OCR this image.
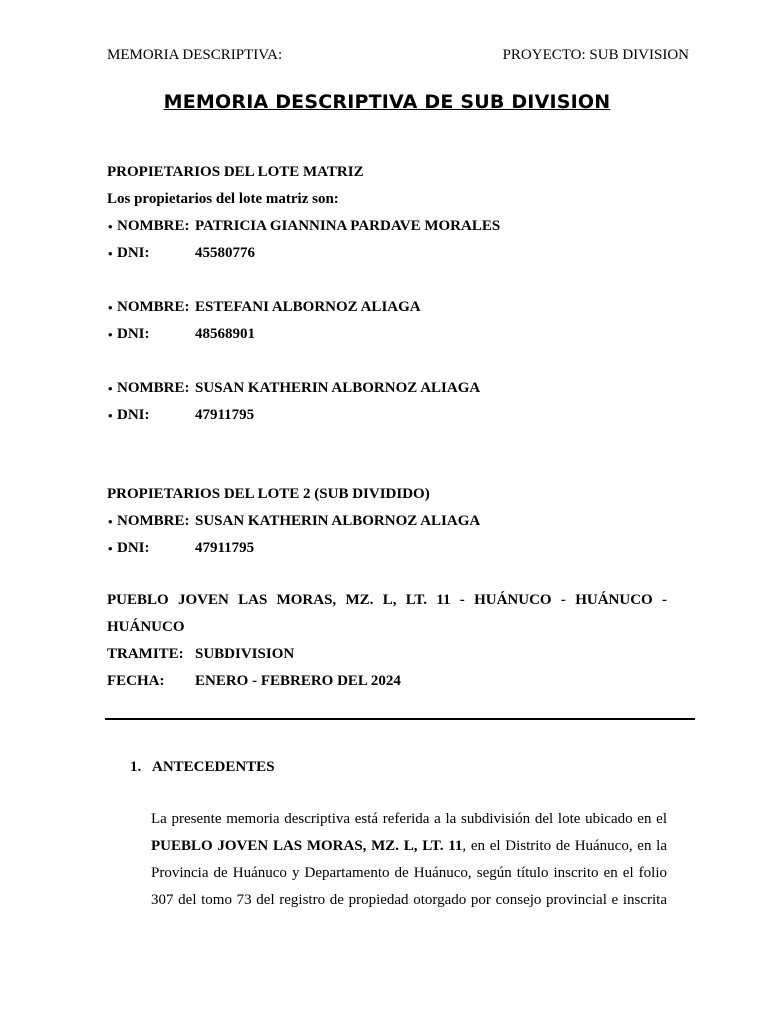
MEMORIA DESCRIPTIVA:	PROYECTO: SUB DIVISION
MEMORIA DESCRIPTIVA DE SUB DIVISION
PROPIETARIOS DEL LOTE MATRIZ
Los propietarios del lote matriz son:
• NOMBRE: PATRICIA GIANNINA PARDAVE MORALES
• DNI:	45580776
• NOMBRE: ESTEFANI ALBORNOZ ALIAGA
• DNI:	48568901
• NOMBRE: SUSAN KATHERIN ALBORNOZ ALIAGA
• DNI:	47911795
PROPIETARIOS DEL LOTE 2 (SUB DIVIDIDO)
• NOMBRE: SUSAN KATHERIN ALBORNOZ ALIAGA
• DNI:	47911795
PUEBLO JOVEN LAS MORAS, MZ. L, LT. 11 - HUÁNUCO - HUÁNUCO -
HUÁNUCO
TRAMITE: SUBDIVISION
FECHA: ENERO - FEBRERO DEL 2024
1. ANTECEDENTES
La presente memoria descriptiva está referida a la subdivisión del lote ubicado en el
PUEBLO JOVEN LAS MORAS, MZ. L, LT. 11, en el Distrito de Huánuco, en la
Provincia de Huánuco y Departamento de Huánuco, según título inscrito en el folio
307 del tomo 73 del registro de propiedad otorgado por consejo provincial e inscrita
